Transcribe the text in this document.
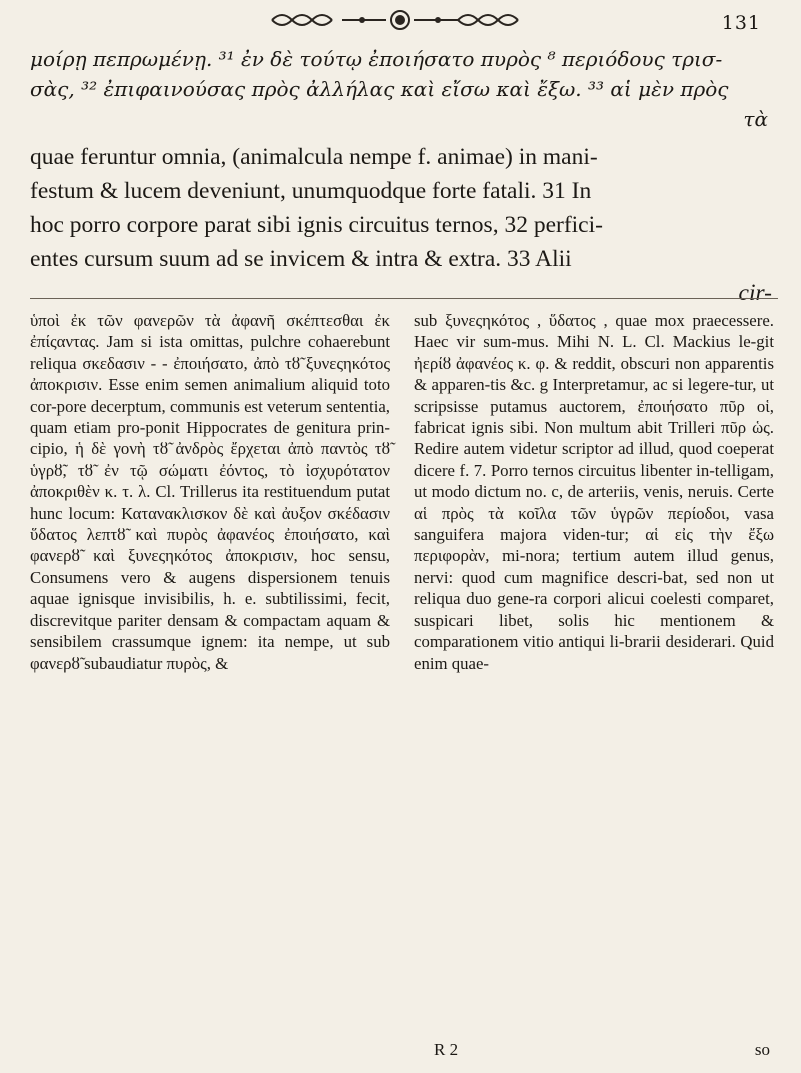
131

μοίρῃ πεπρωμένῃ. ³¹ ἐν δὲ τούτῳ ἐποιήσατο πυρὸς ⁸ περιόδους τρισ-

σὰς, ³² ἐπιφαινούσας πρὸς ἀλλήλας καὶ εἴσω καὶ ἔξω. ³³ αἱ μὲν πρὸς

τὰ

quae feruntur omnia, (animalcula nempe f. animae) in mani-

festum & lucem deveniunt, unumquodque forte fatali. 31 In

hoc porro corpore parat sibi ignis circuitus ternos, 32 perfici-

entes cursum suum ad se invicem & intra & extra. 33 Alii

cir-

ὑποὶ ἐκ τῶν φανερῶν τὰ ἀφανῆ σκέπτεσθαι ἐκ ἐπίςαντας. Jam si ista omittas, pulchre cohaerebunt reliqua σκεδασιν - - ἐποιήσατο, ἀπὸ τȣ̃ ξυνεςηκότος ἀποκρισιν. Esse enim semen animalium aliquid toto cor-pore decerptum, communis est veterum sententia, quam etiam pro-ponit Hippocrates de genitura prin-cipio, ἡ δὲ γονὴ τȣ̃ ἀνδρὸς ἔρχεται ἀπὸ παντὸς τȣ̃ ὑγρȣ̃, τȣ̃ ἐν τῷ σώματι ἐόντος, τὸ ἰσχυρότατον ἀποκριθὲν κ. τ. λ. Cl. Trillerus ita restituendum putat hunc locum: Κατανακλισκον δὲ καὶ ἀυξον σκέδασιν ὕδατος λεπτȣ̃ καὶ πυρὸς ἀφανέος ἐποιήσατο, καὶ φανερȣ̃ καὶ ξυνεςηκότος ἀποκρισιν, hoc sensu, Consumens vero & augens dispersionem tenuis aquae ignisque invisibilis, h. e. subtilissimi, fecit, discrevitque pariter densam & compactam aquam & sensibilem crassumque ignem: ita nempe, ut sub φανερȣ̃ subaudiatur πυρὸς, &

sub ξυνεςηκότος , ὕδατος , quae mox praecessere. Haec vir sum-mus. Mihi N. L. Cl. Mackius le-git ἠερίȣ ἀφανέος κ. φ. & reddit, obscuri non apparentis & apparen-tis &c. g Interpretamur, ac si legere-tur, ut scripsisse putamus auctorem, ἐποιήσατο πῦρ οἱ, fabricat ignis sibi. Non multum abit Trilleri πῦρ ὡς. Redire autem videtur scriptor ad illud, quod coeperat dicere f. 7. Porro ternos circuitus libenter in-telligam, ut modo dictum no. c, de arteriis, venis, neruis. Certe αἱ πρὸς τὰ κοῖλα τῶν ὑγρῶν περίοδοι, vasa sanguifera majora viden-tur; αἱ εἰς τὴν ἔξω περιφορὰν, mi-nora; tertium autem illud genus, nervi: quod cum magnifice descri-bat, sed non ut reliqua duo gene-ra corpori alicui coelesti comparet, suspicari libet, solis hic mentionem & comparationem vitio antiqui li-brarii desiderari. Quid enim quae-

R 2	so
